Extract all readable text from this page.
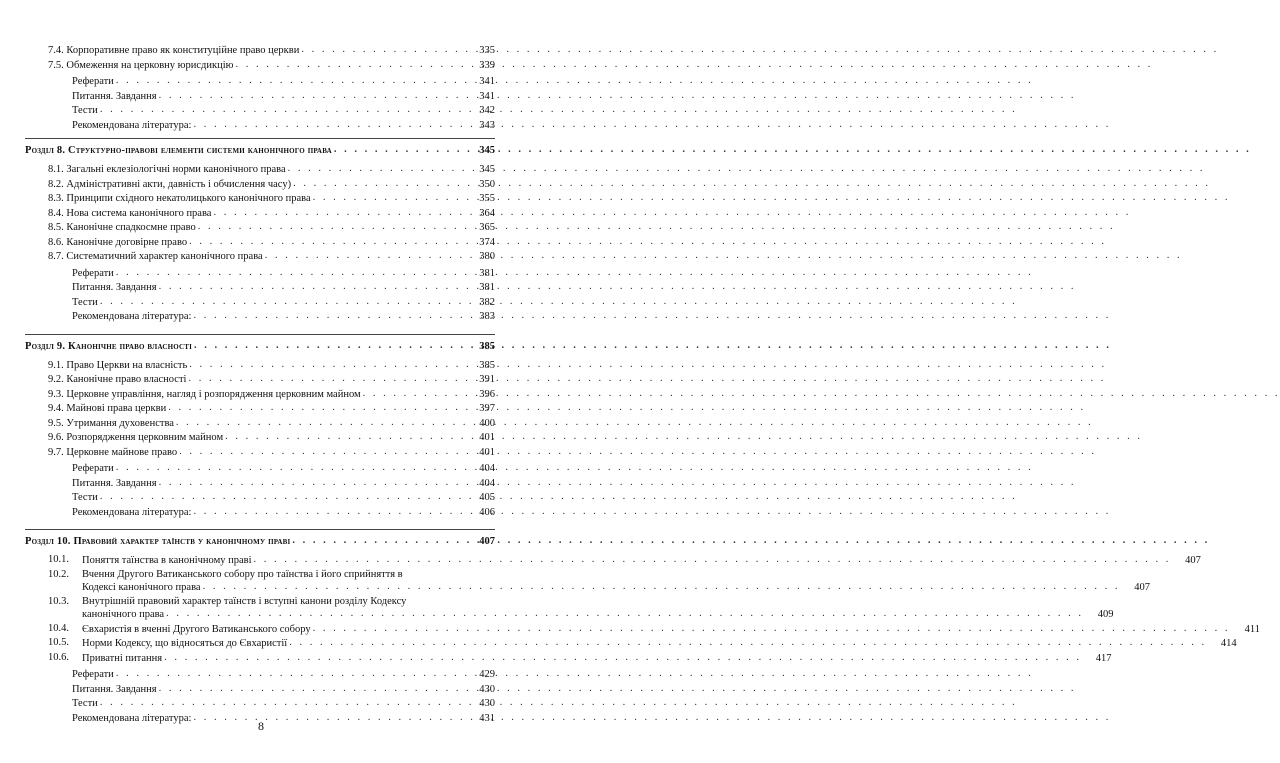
7.4. Корпоративне право як конституційне право церкви . . .	335
7.5. Обмеження на церковну юрисдикцію . . .	339
Реферати . . .	341
Питання. Завдання . . .	341
Тести . . .	342
Рекомендована література: . . .	343
Розділ 8. Структурно-правові елементи системи канонічного права . . .	345
8.1. Загальні еклезіологічні норми канонічного права . . .	345
8.2. Адміністративні акти, давність і обчислення часу) . . .	350
8.3. Принципи східного некатолицького канонічного права . . .	355
8.4. Нова система канонічного права . . .	364
8.5. Канонічне спадкосмне право . . .	365
8.6. Канонічне договірне право . . .	374
8.7. Систематичний характер канонічного права . . .	380
Реферати . . .	381
Питання. Завдання . . .	381
Тести . . .	382
Рекомендована література: . . .	383
Розділ 9. Канонічне право власності . . .	385
9.1. Право Церкви на власність . . .	385
9.2. Канонічне право власності . . .	391
9.3. Церковне управління, нагляд і розпорядження церковним майном . . .	396
9.4. Майнові права церкви . . .	397
9.5. Утримання духовенства . . .	400
9.6. Розпорядження церковним майном . . .	401
9.7. Церковне майнове право . . .	401
Реферати . . .	404
Питання. Завдання . . .	404
Тести . . .	405
Рекомендована література: . . .	406
Розділ 10. Правовий характер таїнств у канонічному праві . . .	407
10.1.	Поняття таїнства в канонічному праві . . .	407
10.2.	Вчення Другого Ватиканського собору про таїнства і його сприйняття в
Кодексі канонічного права . . .	407
10.3.	Внутрішній правовий характер таїнств і вступні канони розділу Кодексу
канонічного права . . .	409
10.4.	Євхаристія в вченні Другого Ватиканського собору . . .	411
10.5.	Норми Кодексу, що відносяться до Євхаристії . . .	414
10.6.	Приватні питання . . .	417
Реферати . . .	429
Питання. Завдання . . .	430
Тести . . .	430
Рекомендована література: . . .	431
8
